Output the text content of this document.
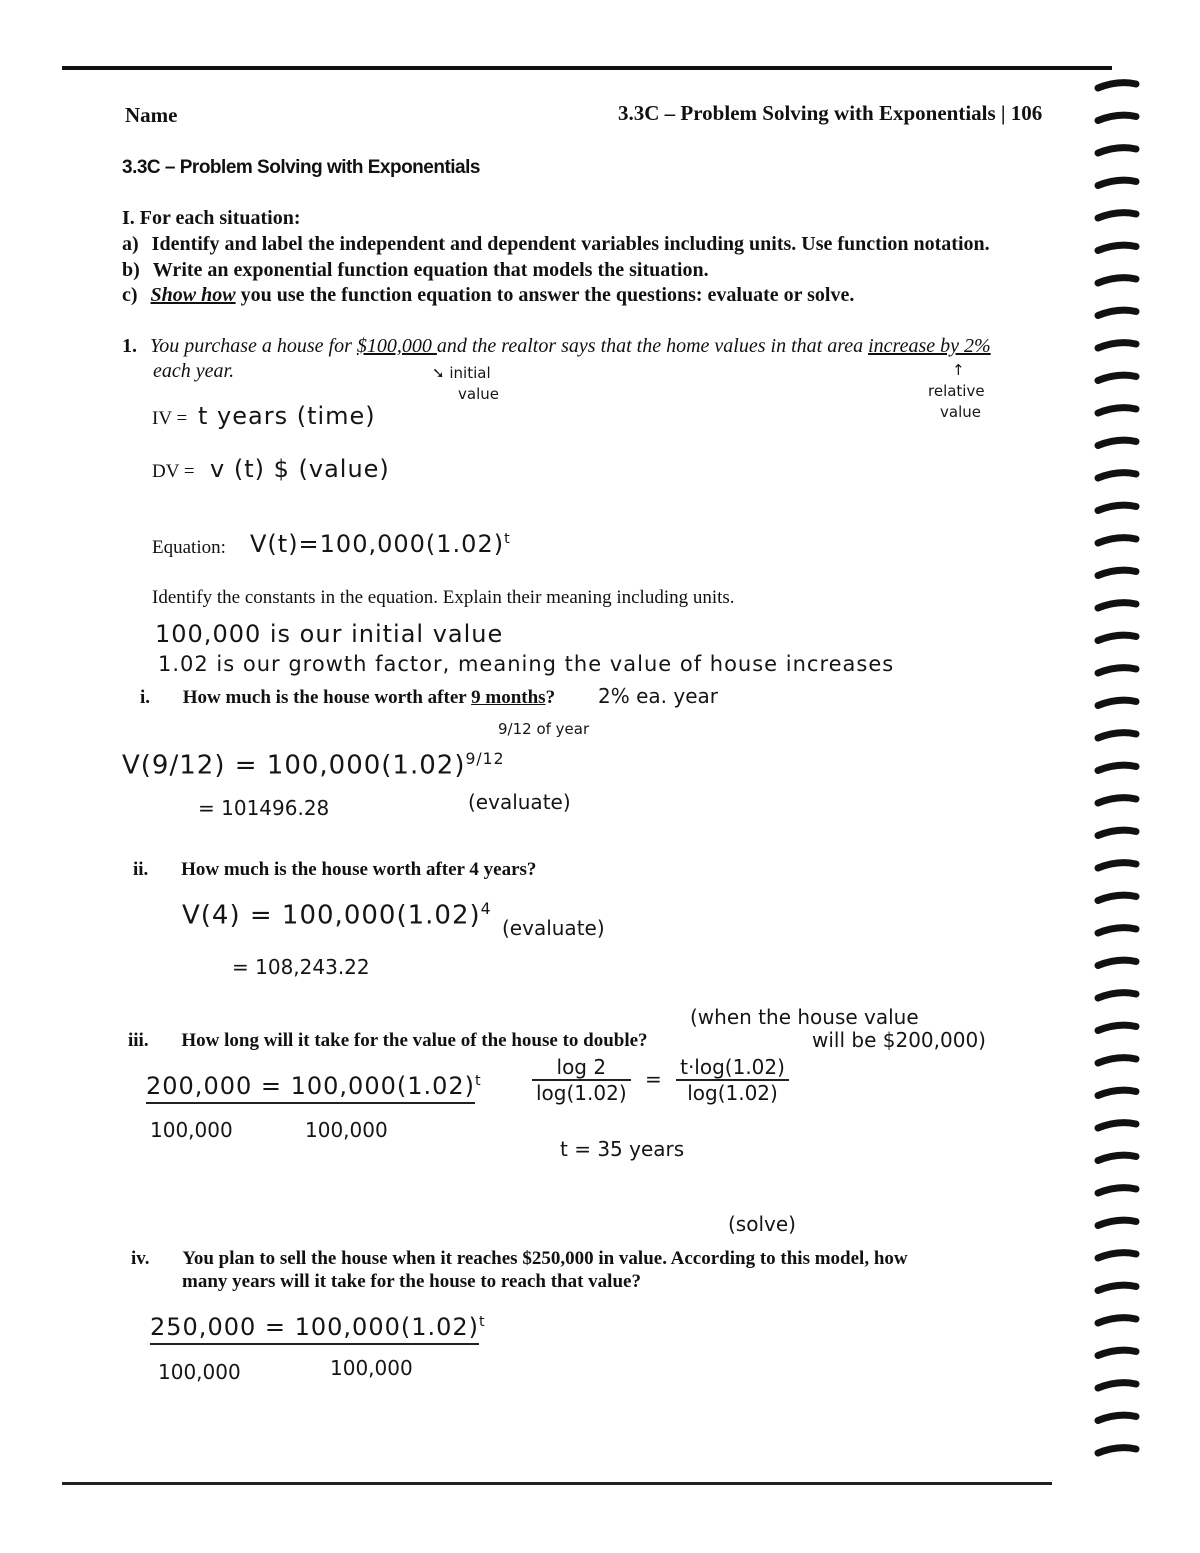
Name	3.3C – Problem Solving with Exponentials | 106
3.3C – Problem Solving with Exponentials
I. For each situation:
a) Identify and label the independent and dependent variables including units. Use function notation.
b) Write an exponential function equation that models the situation.
c) Show how you use the function equation to answer the questions: evaluate or solve.
1. You purchase a house for $100,000 and the realtor says that the home values in that area increase by 2%
each year.	➘ initial
value
↑
relative
value
IV = t years (time)
DV = v (t) $ (value)
Equation: $V(t)=100,000(1.02)^t$
Identify the constants in the equation. Explain their meaning including units.
100,000 is our initial value
1.02 is our growth factor, meaning the value of house increases
i. How much is the house worth after 9 months? 2% ea. year
9/12 of year
$V(9/12) = 100,000(1.02)^{9/12}$
= 101496.28	(evaluate)
ii. How much is the house worth after 4 years?
$V(4) = 100,000(1.02)^4$
(evaluate)
= 108,243.22
iii. How long will it take for the value of the house to double?
(when the house value
will be $200,000)
$200,000 = 100,000(1.02)^t$
100,000	100,000
$\frac{\log 2}{\log(1.02)} = \frac{t\cdot\log(1.02)}{\log(1.02)}$
t = 35 years
(solve)
iv. You plan to sell the house when it reaches $250,000 in value. According to this model, how
many years will it take for the house to reach that value?
$250,000 = 100,000(1.02)^t$
100,000	100,000
